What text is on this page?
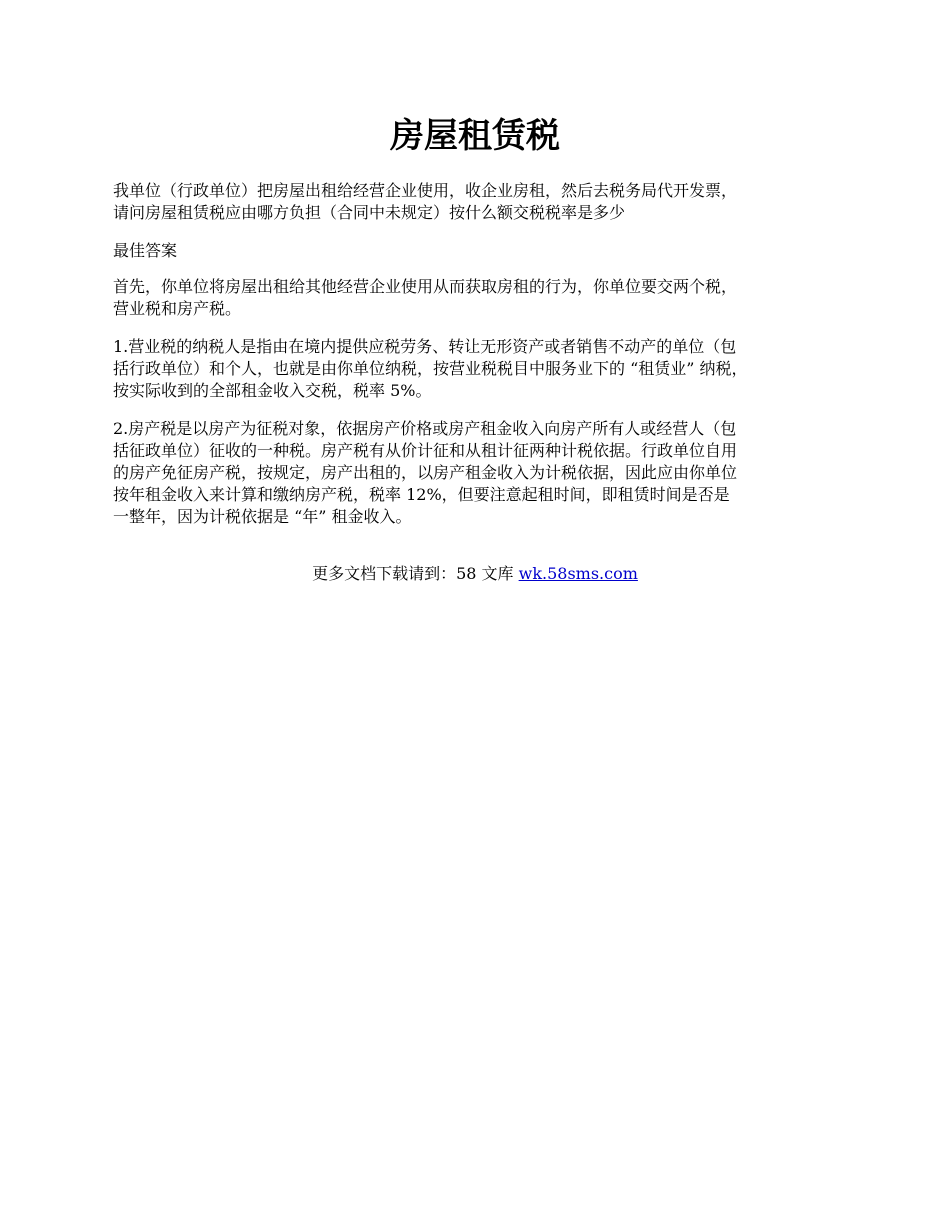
房屋租赁税

我单位（行政单位）把房屋出租给经营企业使用，收企业房租，然后去税务局代开发票，
请问房屋租赁税应由哪方负担（合同中未规定）按什么额交税税率是多少

最佳答案

首先，你单位将房屋出租给其他经营企业使用从而获取房租的行为，你单位要交两个税，
营业税和房产税。

1.营业税的纳税人是指由在境内提供应税劳务、转让无形资产或者销售不动产的单位（包
括行政单位）和个人，也就是由你单位纳税，按营业税税目中服务业下的 “租赁业” 纳税，
按实际收到的全部租金收入交税，税率 5%。

2.房产税是以房产为征税对象，依据房产价格或房产租金收入向房产所有人或经营人（包
括征政单位）征收的一种税。房产税有从价计征和从租计征两种计税依据。行政单位自用
的房产免征房产税，按规定，房产出租的，以房产租金收入为计税依据，因此应由你单位
按年租金收入来计算和缴纳房产税，税率 12%，但要注意起租时间，即租赁时间是否是
一整年，因为计税依据是 “年” 租金收入。

更多文档下载请到：58 文库 wk.58sms.com
